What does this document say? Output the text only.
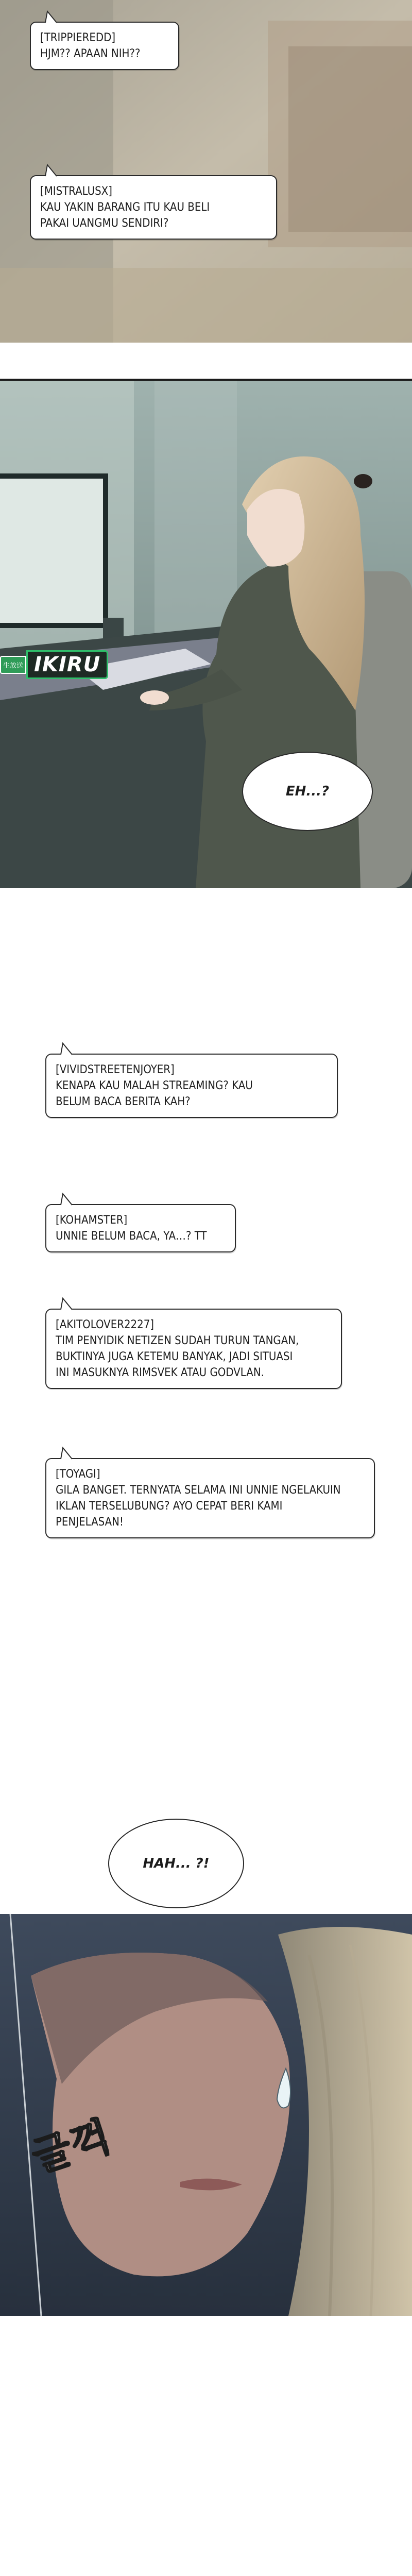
[TRIPPIEREDD]
HJM?? APAAN NIH??
[MISTRALUSX]
KAU YAKIN BARANG ITU KAU BELI
PAKAI UANGMU SENDIRI?
生放送 IKIRU
EH...?
[VIVIDSTREETENJOYER]
KENAPA KAU MALAH STREAMING? KAU
BELUM BACA BERITA KAH?
[KOHAMSTER]
UNNIE BELUM BACA, YA…? TT
[AKITOLOVER2227]
TIM PENYIDIK NETIZEN SUDAH TURUN TANGAN,
BUKTINYA JUGA KETEMU BANYAK, JADI SITUASI
INI MASUKNYA RIMSVEK ATAU GODVLAN.
[TOYAGI]
GILA BANGET. TERNYATA SELAMA INI UNNIE NGELAKUIN
IKLAN TERSELUBUNG? AYO CEPAT BERI KAMI
PENJELASAN!
글꺽
HAH... ?!
